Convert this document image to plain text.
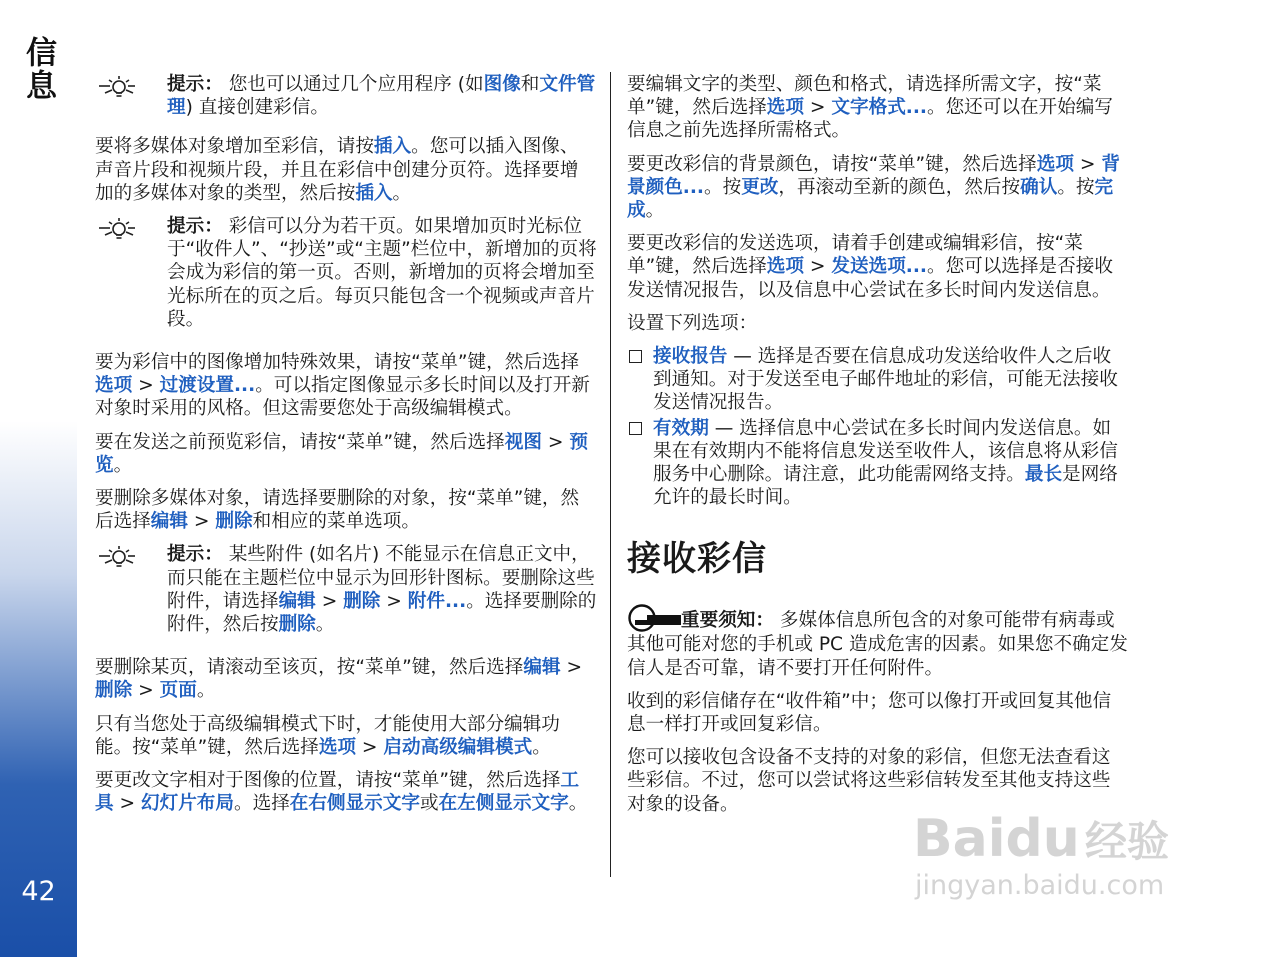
信息
42

提示： 您也可以通过几个应用程序 (如图像和文件管理) 直接创建彩信。

要将多媒体对象增加至彩信，请按插入。您可以插入图像、声音片段和视频片段，并且在彩信中创建分页符。选择要增加的多媒体对象的类型，然后按插入。

提示： 彩信可以分为若干页。如果增加页时光标位于“收件人”、“抄送”或“主题”栏位中，新增加的页将会成为彩信的第一页。否则，新增加的页将会增加至光标所在的页之后。每页只能包含一个视频或声音片段。

要为彩信中的图像增加特殊效果，请按“菜单”键，然后选择选项 > 过渡设置...。可以指定图像显示多长时间以及打开新对象时采用的风格。但这需要您处于高级编辑模式。

要在发送之前预览彩信，请按“菜单”键，然后选择视图 > 预览。

要删除多媒体对象，请选择要删除的对象，按“菜单”键，然后选择编辑 > 删除和相应的菜单选项。

提示： 某些附件 (如名片) 不能显示在信息正文中，而只能在主题栏位中显示为回形针图标。要删除这些附件，请选择编辑 > 删除 > 附件...。选择要删除的附件，然后按删除。

要删除某页，请滚动至该页，按“菜单”键，然后选择编辑 > 删除 > 页面。

只有当您处于高级编辑模式下时，才能使用大部分编辑功能。按“菜单”键，然后选择选项 > 启动高级编辑模式。

要更改文字相对于图像的位置，请按“菜单”键，然后选择工具 > 幻灯片布局。选择在右侧显示文字或在左侧显示文字。

要编辑文字的类型、颜色和格式，请选择所需文字，按“菜单”键，然后选择选项 > 文字格式...。您还可以在开始编写信息之前先选择所需格式。

要更改彩信的背景颜色，请按“菜单”键，然后选择选项 > 背景颜色...。按更改，再滚动至新的颜色，然后按确认。按完成。

要更改彩信的发送选项，请着手创建或编辑彩信，按“菜单”键，然后选择选项 > 发送选项...。您可以选择是否接收发送情况报告，以及信息中心尝试在多长时间内发送信息。

设置下列选项：

接收报告 — 选择是否要在信息成功发送给收件人之后收到通知。对于发送至电子邮件地址的彩信，可能无法接收发送情况报告。

有效期 — 选择信息中心尝试在多长时间内发送信息。如果在有效期内不能将信息发送至收件人，该信息将从彩信服务中心删除。请注意，此功能需网络支持。最长是网络允许的最长时间。

接收彩信

重要须知： 多媒体信息所包含的对象可能带有病毒或其他可能对您的手机或 PC 造成危害的因素。如果您不确定发信人是否可靠，请不要打开任何附件。

收到的彩信储存在“收件箱”中；您可以像打开或回复其他信息一样打开或回复彩信。

您可以接收包含设备不支持的对象的彩信，但您无法查看这些彩信。不过，您可以尝试将这些彩信转发至其他支持这些对象的设备。

Baidu 经验
jingyan.baidu.com
